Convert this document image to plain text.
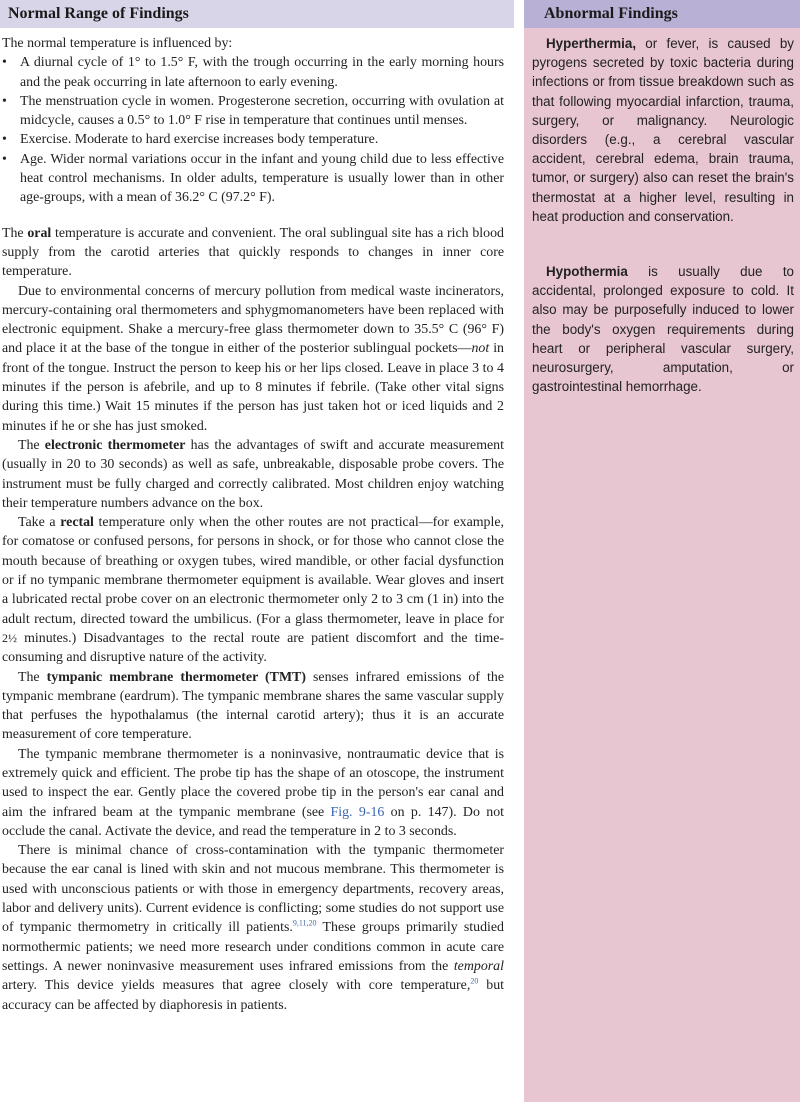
Normal Range of Findings	Abnormal Findings

The normal temperature is influenced by:

• A diurnal cycle of 1° to 1.5° F, with the trough occurring in the early morning hours and the peak occurring in late afternoon to early evening.
• The menstruation cycle in women. Progesterone secretion, occurring with ovulation at midcycle, causes a 0.5° to 1.0° F rise in temperature that continues until menses.
• Exercise. Moderate to hard exercise increases body temperature.
• Age. Wider normal variations occur in the infant and young child due to less effective heat control mechanisms. In older adults, temperature is usually lower than in other age-groups, with a mean of 36.2° C (97.2° F).

The oral temperature is accurate and convenient. The oral sublingual site has a rich blood supply from the carotid arteries that quickly responds to changes in inner core temperature.

Due to environmental concerns of mercury pollution from medical waste incinerators, mercury-containing oral thermometers and sphygmomanometers have been replaced with electronic equipment. Shake a mercury-free glass thermometer down to 35.5° C (96° F) and place it at the base of the tongue in either of the posterior sublingual pockets—not in front of the tongue. Instruct the person to keep his or her lips closed. Leave in place 3 to 4 minutes if the person is afebrile, and up to 8 minutes if febrile. (Take other vital signs during this time.) Wait 15 minutes if the person has just taken hot or iced liquids and 2 minutes if he or she has just smoked.

The electronic thermometer has the advantages of swift and accurate measurement (usually in 20 to 30 seconds) as well as safe, unbreakable, disposable probe covers. The instrument must be fully charged and correctly calibrated. Most children enjoy watching their temperature numbers advance on the box.

Take a rectal temperature only when the other routes are not practical—for example, for comatose or confused persons, for persons in shock, or for those who cannot close the mouth because of breathing or oxygen tubes, wired mandible, or other facial dysfunction or if no tympanic membrane thermometer equipment is available. Wear gloves and insert a lubricated rectal probe cover on an electronic thermometer only 2 to 3 cm (1 in) into the adult rectum, directed toward the umbilicus. (For a glass thermometer, leave in place for 2½ minutes.) Disadvantages to the rectal route are patient discomfort and the time-consuming and disruptive nature of the activity.

The tympanic membrane thermometer (TMT) senses infrared emissions of the tympanic membrane (eardrum). The tympanic membrane shares the same vascular supply that perfuses the hypothalamus (the internal carotid artery); thus it is an accurate measurement of core temperature.

The tympanic membrane thermometer is a noninvasive, nontraumatic device that is extremely quick and efficient. The probe tip has the shape of an otoscope, the instrument used to inspect the ear. Gently place the covered probe tip in the person's ear canal and aim the infrared beam at the tympanic membrane (see Fig. 9-16 on p. 147). Do not occlude the canal. Activate the device, and read the temperature in 2 to 3 seconds.

There is minimal chance of cross-contamination with the tympanic thermometer because the ear canal is lined with skin and not mucous membrane. This thermometer is used with unconscious patients or with those in emergency departments, recovery areas, labor and delivery units). Current evidence is conflicting; some studies do not support use of tympanic thermometry in critically ill patients.$^{9,11,20}$ These groups primarily studied normothermic patients; we need more research under conditions common in acute care settings. A newer noninvasive measurement uses infrared emissions from the temporal artery. This device yields measures that agree closely with core temperature,$^{20}$ but accuracy can be affected by diaphoresis in patients.

Hyperthermia, or fever, is caused by pyrogens secreted by toxic bacteria during infections or from tissue breakdown such as that following myocardial infarction, trauma, surgery, or malignancy. Neurologic disorders (e.g., a cerebral vascular accident, cerebral edema, brain trauma, tumor, or surgery) also can reset the brain's thermostat at a higher level, resulting in heat production and conservation.

Hypothermia is usually due to accidental, prolonged exposure to cold. It also may be purposefully induced to lower the body's oxygen requirements during heart or peripheral vascular surgery, neurosurgery, amputation, or gastrointestinal hemorrhage.
